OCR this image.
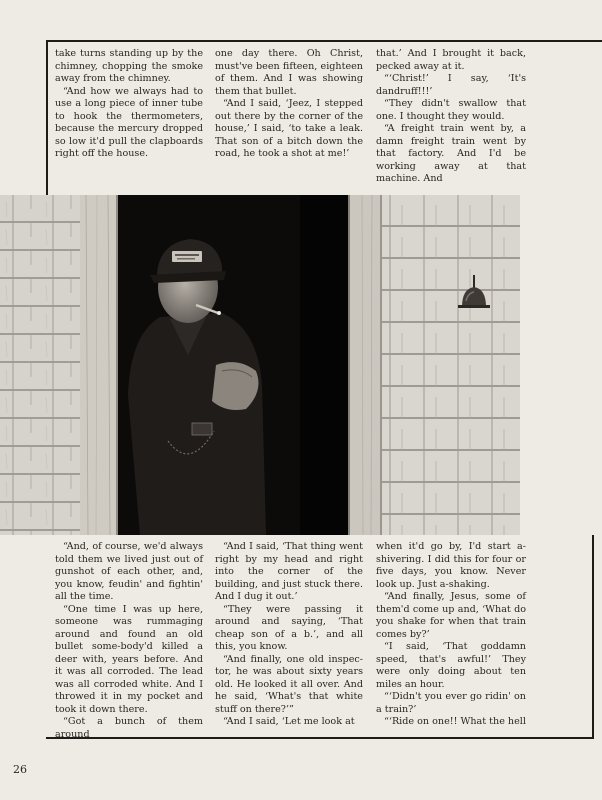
take turns standing up by the chimney, chopping the smoke away from the chimney.

“And how we always had to use a long piece of inner tube to hook the thermometers, because the mercury dropped so low it'd pull the clapboards right off the house.

one day there. Oh Christ, must've been fifteen, eighteen of them. And I was showing them that bullet.

“And I said, ‘Jeez, I stepped out there by the corner of the house,’ I said, ‘to take a leak. That son of a bitch down the road, he took a shot at me!’

that.’ And I brought it back, pecked away at it.

“‘Christ!’ I say, ‘It's dandruff!!!’

“They didn't swallow that one. I thought they would.

“A freight train went by, a damn freight train went by that factory. And I'd be working away at that machine. And

“And, of course, we'd always told them we lived just out of gunshot of each other, and, you know, feudin' and fightin' all the time.

“One time I was up here, someone was rummaging around and found an old bullet some-body'd killed a deer with, years before. And it was all corroded. The lead was all corroded white. And I throwed it in my pocket and took it down there.

“Got a bunch of them around

“And I said, ‘That thing went right by my head and right into the corner of the building, and just stuck there. And I dug it out.’

“They were passing it around and saying, ‘That cheap son of a b.’, and all this, you know.

“And finally, one old inspec-tor, he was about sixty years old. He looked it all over. And he said, ‘What's that white stuff on there?’”

“And I said, ‘Let me look at

when it'd go by, I'd start a-shivering. I did this for four or five days, you know. Never look up. Just a-shaking.

“And finally, Jesus, some of them'd come up and, ‘What do you shake for when that train comes by?’

“I said, ‘That goddamn speed, that's awful!’ They were only doing about ten miles an hour.

“‘Didn't you ever go ridin' on a train?’

“‘Ride on one!! What the hell

26
